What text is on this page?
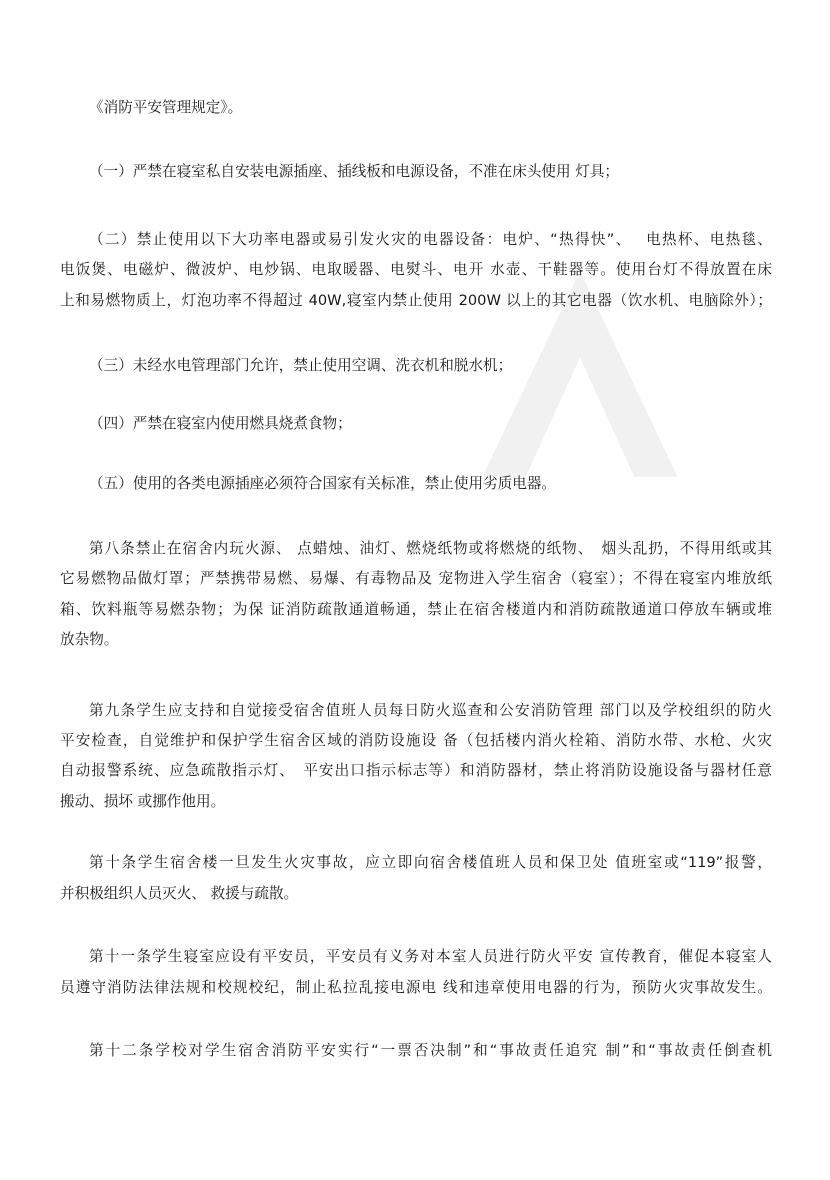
《消防平安管理规定》。
（一）严禁在寝室私自安装电源插座、插线板和电源设备，不准在床头使用 灯具；
（二）禁止使用以下大功率电器或易引发火灾的电器设备：电炉、“热得快”、　 电热杯、电热毯、
电饭煲、电磁炉、微波炉、电炒锅、电取暖器、电熨斗、电开 水壶、干鞋器等。使用台灯不得放置在床
上和易燃物质上，灯泡功率不得超过 40W,寝室内禁止使用 200W 以上的其它电器（饮水机、电脑除外）；
（三）未经水电管理部门允许，禁止使用空调、洗衣机和脱水机；
（四）严禁在寝室内使用燃具烧煮食物；
（五）使用的各类电源插座必须符合国家有关标准，禁止使用劣质电器。
第八条禁止在宿舍内玩火源、 点蜡烛、油灯、燃烧纸物或将燃烧的纸物、　烟头乱扔，不得用纸或其
它易燃物品做灯罩；严禁携带易燃、易爆、有毒物品及 宠物进入学生宿舍（寝室）；不得在寝室内堆放纸
箱、饮料瓶等易燃杂物；为保 证消防疏散通道畅通，禁止在宿舍楼道内和消防疏散通道口停放车辆或堆
放杂物。
第九条学生应支持和自觉接受宿舍值班人员每日防火巡查和公安消防管理 部门以及学校组织的防火
平安检查，自觉维护和保护学生宿舍区域的消防设施设 备（包括楼内消火栓箱、消防水带、水枪、火灾
自动报警系统、应急疏散指示灯、　平安出口指示标志等）和消防器材，禁止将消防设施设备与器材任意
搬动、损坏 或挪作他用。
第十条学生宿舍楼一旦发生火灾事故，应立即向宿舍楼值班人员和保卫处 值班室或“119”报警，
并积极组织人员灭火、 救援与疏散。
第十一条学生寝室应设有平安员，平安员有义务对本室人员进行防火平安 宣传教育，催促本寝室人
员遵守消防法律法规和校规校纪，制止私拉乱接电源电 线和违章使用电器的行为，预防火灾事故发生。
第十二条学校对学生宿舍消防平安实行“一票否决制”和“事故责任追究 制”和“事故责任倒查机
